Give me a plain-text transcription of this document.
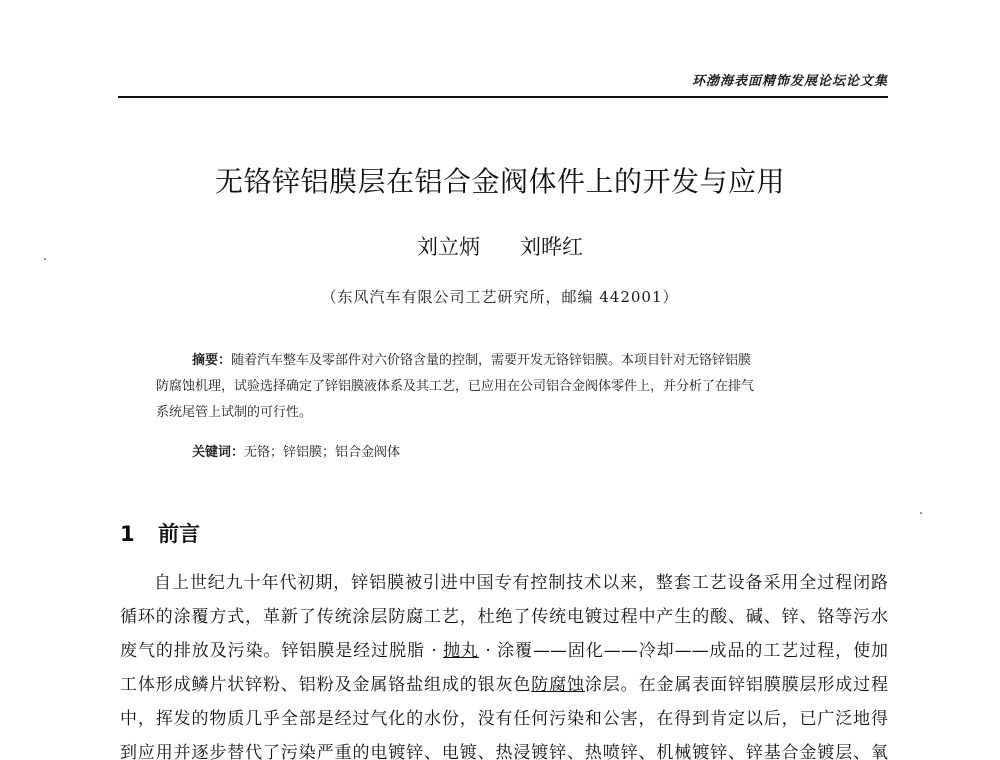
环渤海表面精饰发展论坛论文集
无铬锌铝膜层在铝合金阀体件上的开发与应用
刘立炳 刘晔红
（东风汽车有限公司工艺研究所，邮编 442001）
摘要：随着汽车整车及零部件对六价铬含量的控制，需要开发无铬锌铝膜。本项目针对无铬锌铝膜
防腐蚀机理，试验选择确定了锌铝膜液体系及其工艺，已应用在公司铝合金阀体零件上，并分析了在排气
系统尾管上试制的可行性。
关键词：无铬；锌铝膜；铝合金阀体
1 前言
自上世纪九十年代初期，锌铝膜被引进中国专有控制技术以来，整套工艺设备采用全过程闭路
循环的涂覆方式，革新了传统涂层防腐工艺，杜绝了传统电镀过程中产生的酸、碱、锌、铬等污水
废气的排放及污染。锌铝膜是经过脱脂 · 抛丸 · 涂覆——固化——冷却——成品的工艺过程，使加
工体形成鳞片状锌粉、铝粉及金属铬盐组成的银灰色防腐蚀涂层。在金属表面锌铝膜膜层形成过程
中，挥发的物质几乎全部是经过气化的水份，没有任何污染和公害，在得到肯定以后，已广泛地得
到应用并逐步替代了污染严重的电镀锌、电镀、热浸镀锌、热喷锌、机械镀锌、锌基合金镀层、氧
